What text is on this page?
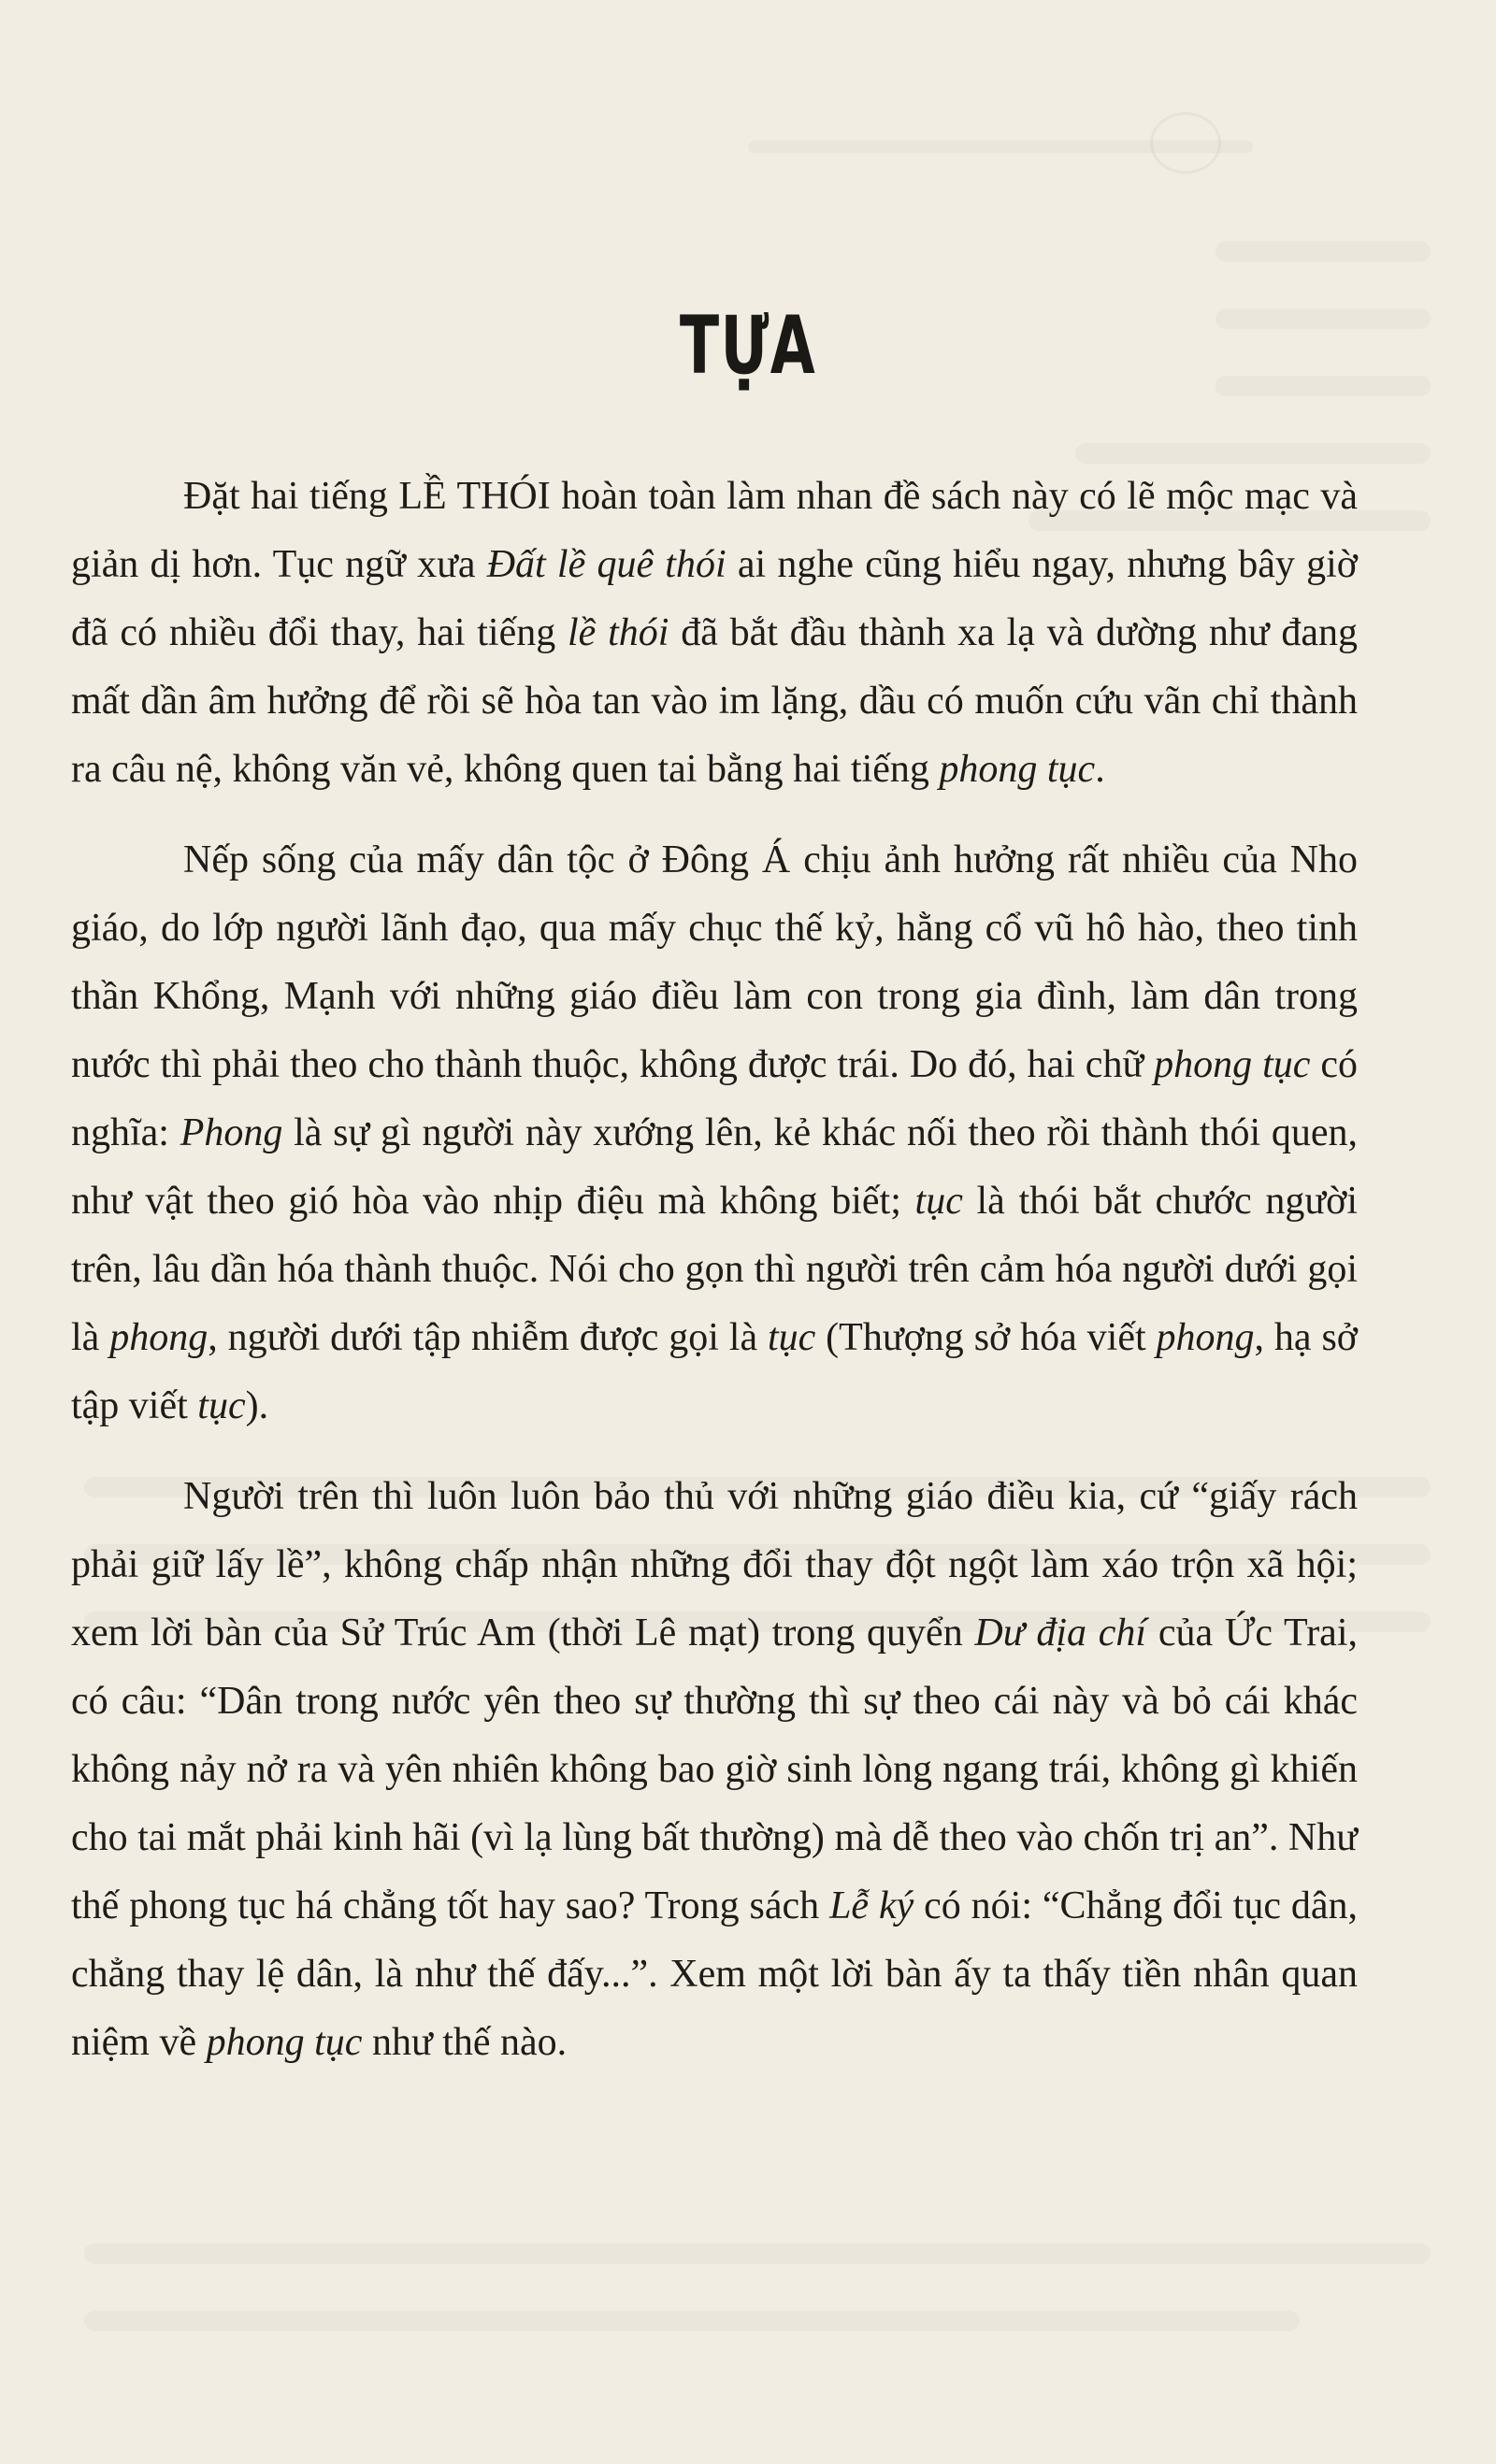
TỰA

Đặt hai tiếng LỀ THÓI hoàn toàn làm nhan đề sách này có lẽ mộc mạc và giản dị hơn. Tục ngữ xưa Đất lề quê thói ai nghe cũng hiểu ngay, nhưng bây giờ đã có nhiều đổi thay, hai tiếng lề thói đã bắt đầu thành xa lạ và dường như đang mất dần âm hưởng để rồi sẽ hòa tan vào im lặng, dầu có muốn cứu vãn chỉ thành ra câu nệ, không văn vẻ, không quen tai bằng hai tiếng phong tục.

Nếp sống của mấy dân tộc ở Đông Á chịu ảnh hưởng rất nhiều của Nho giáo, do lớp người lãnh đạo, qua mấy chục thế kỷ, hằng cổ vũ hô hào, theo tinh thần Khổng, Mạnh với những giáo điều làm con trong gia đình, làm dân trong nước thì phải theo cho thành thuộc, không được trái. Do đó, hai chữ phong tục có nghĩa: Phong là sự gì người này xướng lên, kẻ khác nối theo rồi thành thói quen, như vật theo gió hòa vào nhịp điệu mà không biết; tục là thói bắt chước người trên, lâu dần hóa thành thuộc. Nói cho gọn thì người trên cảm hóa người dưới gọi là phong, người dưới tập nhiễm được gọi là tục (Thượng sở hóa viết phong, hạ sở tập viết tục).

Người trên thì luôn luôn bảo thủ với những giáo điều kia, cứ “giấy rách phải giữ lấy lề”, không chấp nhận những đổi thay đột ngột làm xáo trộn xã hội; xem lời bàn của Sử Trúc Am (thời Lê mạt) trong quyển Dư địa chí của Ức Trai, có câu: “Dân trong nước yên theo sự thường thì sự theo cái này và bỏ cái khác không nảy nở ra và yên nhiên không bao giờ sinh lòng ngang trái, không gì khiến cho tai mắt phải kinh hãi (vì lạ lùng bất thường) mà dễ theo vào chốn trị an”. Như thế phong tục há chẳng tốt hay sao? Trong sách Lễ ký có nói: “Chẳng đổi tục dân, chẳng thay lệ dân, là như thế đấy...”. Xem một lời bàn ấy ta thấy tiền nhân quan niệm về phong tục như thế nào.
